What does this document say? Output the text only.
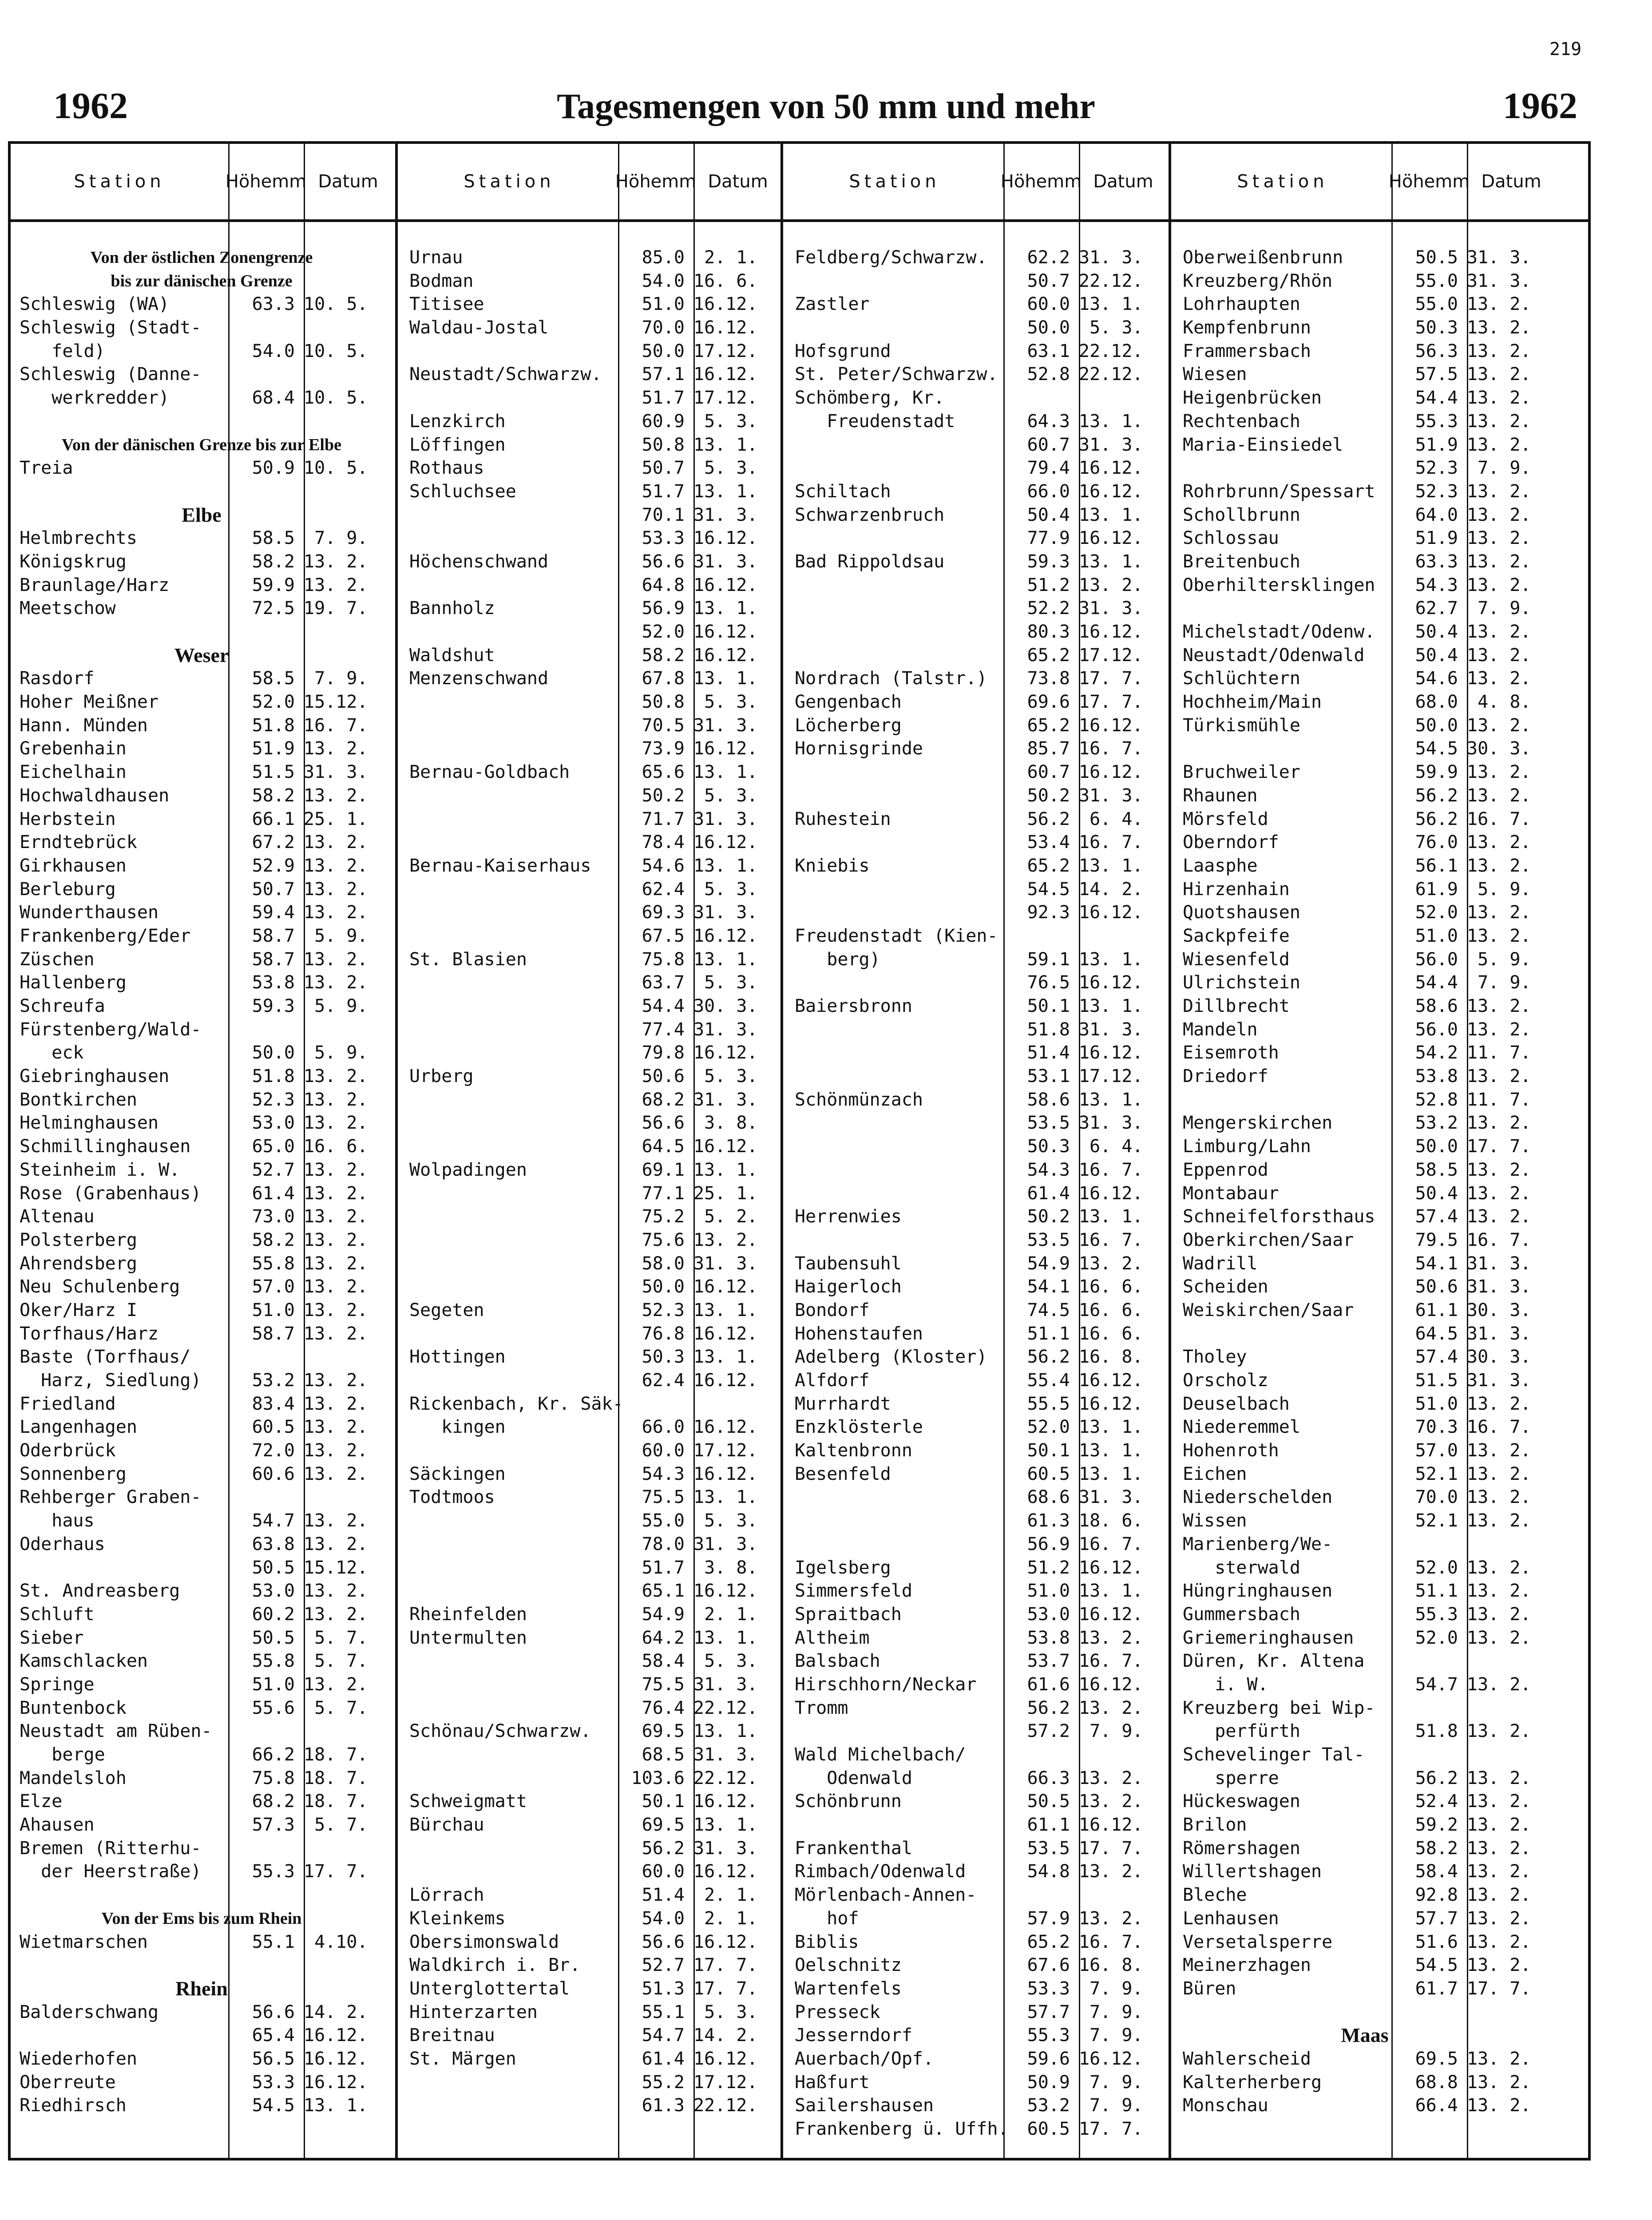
219
1962	Tagesmengen von 50 mm und mehr	1962
Station	Höhe mm Datum
Von der östlichen Zonengrenze
bis zur dänischen Grenze
Schleswig (WA)	63.3 10. 5.
Schleswig (Stadt-
feld)	54.0 10. 5.
Schleswig (Danne-
werkredder)	68.4 10. 5.
Von der dänischen Grenze bis zur Elbe
Treia	50.9 10. 5.
Elbe
Helmbrechts	58.5 7. 9.
Königskrug	58.2 13. 2.
Braunlage/Harz	59.9 13. 2.
Meetschow	72.5 19. 7.
Weser
Rasdorf	58.5 7. 9.
Hoher Meißner	52.0 15.12.
Hann. Münden	51.8 16. 7.
Grebenhain	51.9 13. 2.
Eichelhain	51.5 31. 3.
Hochwaldhausen	58.2 13. 2.
Herbstein	66.1 25. 1.
Erndtebrück	67.2 13. 2.
Girkhausen	52.9 13. 2.
Berleburg	50.7 13. 2.
Wunderthausen	59.4 13. 2.
Frankenberg/Eder	58.7 5. 9.
Züschen	58.7 13. 2.
Hallenberg	53.8 13. 2.
Schreufa	59.3 5. 9.
Fürstenberg/Wald-
eck	50.0 5. 9.
Giebringhausen	51.8 13. 2.
Bontkirchen	52.3 13. 2.
Helminghausen	53.0 13. 2.
Schmillinghausen	65.0 16. 6.
Steinheim i. W.	52.7 13. 2.
Rose (Grabenhaus)	61.4 13. 2.
Altenau	73.0 13. 2.
Polsterberg	58.2 13. 2.
Ahrendsberg	55.8 13. 2.
Neu Schulenberg	57.0 13. 2.
Oker/Harz I	51.0 13. 2.
Torfhaus/Harz	58.7 13. 2.
Baste (Torfhaus/
Harz, Siedlung)	53.2 13. 2.
Friedland	83.4 13. 2.
Langenhagen	60.5 13. 2.
Oderbrück	72.0 13. 2.
Sonnenberg	60.6 13. 2.
Rehberger Graben-
haus	54.7 13. 2.
Oderhaus	63.8 13. 2.
50.5 15.12.
St. Andreasberg	53.0 13. 2.
Schluft	60.2 13. 2.
Sieber	50.5 5. 7.
Kamschlacken	55.8 5. 7.
Springe	51.0 13. 2.
Buntenbock	55.6 5. 7.
Neustadt am Rüben-
berge	66.2 18. 7.
Mandelsloh	75.8 18. 7.
Elze	68.2 18. 7.
Ahausen	57.3 5. 7.
Bremen (Ritterhu-
der Heerstraße)	55.3 17. 7.
Von der Ems bis zum Rhein
Wietmarschen	55.1 4.10.
Rhein
Balderschwang	56.6 14. 2.
65.4 16.12.
Wiederhofen	56.5 16.12.
Oberreute	53.3 16.12.
Riedhirsch	54.5 13. 1.
Station	Höhe mm Datum
Urnau	85.0 2. 1.
Bodman	54.0 16. 6.
Titisee	51.0 16.12.
Waldau-Jostal	70.0 16.12.
50.0 17.12.
Neustadt/Schwarzw.	57.1 16.12.
51.7 17.12.
Lenzkirch	60.9 5. 3.
Löffingen	50.8 13. 1.
Rothaus	50.7 5. 3.
Schluchsee	51.7 13. 1.
70.1 31. 3.
53.3 16.12.
Höchenschwand	56.6 31. 3.
64.8 16.12.
Bannholz	56.9 13. 1.
52.0 16.12.
Waldshut	58.2 16.12.
Menzenschwand	67.8 13. 1.
50.8 5. 3.
70.5 31. 3.
73.9 16.12.
Bernau-Goldbach	65.6 13. 1.
50.2 5. 3.
71.7 31. 3.
78.4 16.12.
Bernau-Kaiserhaus	54.6 13. 1.
62.4 5. 3.
69.3 31. 3.
67.5 16.12.
St. Blasien	75.8 13. 1.
63.7 5. 3.
54.4 30. 3.
77.4 31. 3.
79.8 16.12.
Urberg	50.6 5. 3.
68.2 31. 3.
56.6 3. 8.
64.5 16.12.
Wolpadingen	69.1 13. 1.
77.1 25. 1.
75.2 5. 2.
75.6 13. 2.
58.0 31. 3.
50.0 16.12.
Segeten	52.3 13. 1.
76.8 16.12.
Hottingen	50.3 13. 1.
62.4 16.12.
Rickenbach, Kr. Säk-
kingen	66.0 16.12.
60.0 17.12.
Säckingen	54.3 16.12.
Todtmoos	75.5 13. 1.
55.0 5. 3.
78.0 31. 3.
51.7 3. 8.
65.1 16.12.
Rheinfelden	54.9 2. 1.
Untermulten	64.2 13. 1.
58.4 5. 3.
75.5 31. 3.
76.4 22.12.
Schönau/Schwarzw.	69.5 13. 1.
68.5 31. 3.
103.6 22.12.
Schweigmatt	50.1 16.12.
Bürchau	69.5 13. 1.
56.2 31. 3.
60.0 16.12.
Lörrach	51.4 2. 1.
Kleinkems	54.0 2. 1.
Obersimonswald	56.6 16.12.
Waldkirch i. Br.	52.7 17. 7.
Unterglottertal	51.3 17. 7.
Hinterzarten	55.1 5. 3.
Breitnau	54.7 14. 2.
St. Märgen	61.4 16.12.
55.2 17.12.
61.3 22.12.
Station	Höhe mm Datum
Feldberg/Schwarzw.	62.2 31. 3.
50.7 22.12.
Zastler	60.0 13. 1.
50.0 5. 3.
Hofsgrund	63.1 22.12.
St. Peter/Schwarzw.	52.8 22.12.
Schömberg, Kr.
Freudenstadt	64.3 13. 1.
60.7 31. 3.
79.4 16.12.
Schiltach	66.0 16.12.
Schwarzenbruch	50.4 13. 1.
77.9 16.12.
Bad Rippoldsau	59.3 13. 1.
51.2 13. 2.
52.2 31. 3.
80.3 16.12.
65.2 17.12.
Nordrach (Talstr.)	73.8 17. 7.
Gengenbach	69.6 17. 7.
Löcherberg	65.2 16.12.
Hornisgrinde	85.7 16. 7.
60.7 16.12.
50.2 31. 3.
Ruhestein	56.2 6. 4.
53.4 16. 7.
Kniebis	65.2 13. 1.
54.5 14. 2.
92.3 16.12.
Freudenstadt (Kien-
berg)	59.1 13. 1.
76.5 16.12.
Baiersbronn	50.1 13. 1.
51.8 31. 3.
51.4 16.12.
53.1 17.12.
Schönmünzach	58.6 13. 1.
53.5 31. 3.
50.3 6. 4.
54.3 16. 7.
61.4 16.12.
Herrenwies	50.2 13. 1.
53.5 16. 7.
Taubensuhl	54.9 13. 2.
Haigerloch	54.1 16. 6.
Bondorf	74.5 16. 6.
Hohenstaufen	51.1 16. 6.
Adelberg (Kloster)	56.2 16. 8.
Alfdorf	55.4 16.12.
Murrhardt	55.5 16.12.
Enzklösterle	52.0 13. 1.
Kaltenbronn	50.1 13. 1.
Besenfeld	60.5 13. 1.
68.6 31. 3.
61.3 18. 6.
56.9 16. 7.
Igelsberg	51.2 16.12.
Simmersfeld	51.0 13. 1.
Spraitbach	53.0 16.12.
Altheim	53.8 13. 2.
Balsbach	53.7 16. 7.
Hirschhorn/Neckar	61.6 16.12.
Tromm	56.2 13. 2.
57.2 7. 9.
Wald Michelbach/
Odenwald	66.3 13. 2.
Schönbrunn	50.5 13. 2.
61.1 16.12.
Frankenthal	53.5 17. 7.
Rimbach/Odenwald	54.8 13. 2.
Mörlenbach-Annen-
hof	57.9 13. 2.
Biblis	65.2 16. 7.
Oelschnitz	67.6 16. 8.
Wartenfels	53.3 7. 9.
Presseck	57.7 7. 9.
Jesserndorf	55.3 7. 9.
Auerbach/Opf.	59.6 16.12.
Haßfurt	50.9 7. 9.
Sailershausen	53.2 7. 9.
Frankenberg ü. Uffh.	60.5 17. 7.
Station	Höhe mm Datum
Oberweißenbrunn	50.5 31. 3.
Kreuzberg/Rhön	55.0 31. 3.
Lohrhaupten	55.0 13. 2.
Kempfenbrunn	50.3 13. 2.
Frammersbach	56.3 13. 2.
Wiesen	57.5 13. 2.
Heigenbrücken	54.4 13. 2.
Rechtenbach	55.3 13. 2.
Maria-Einsiedel	51.9 13. 2.
52.3 7. 9.
Rohrbrunn/Spessart	52.3 13. 2.
Schollbrunn	64.0 13. 2.
Schlossau	51.9 13. 2.
Breitenbuch	63.3 13. 2.
Oberhiltersklingen	54.3 13. 2.
62.7 7. 9.
Michelstadt/Odenw.	50.4 13. 2.
Neustadt/Odenwald	50.4 13. 2.
Schlüchtern	54.6 13. 2.
Hochheim/Main	68.0 4. 8.
Türkismühle	50.0 13. 2.
54.5 30. 3.
Bruchweiler	59.9 13. 2.
Rhaunen	56.2 13. 2.
Mörsfeld	56.2 16. 7.
Oberndorf	76.0 13. 2.
Laasphe	56.1 13. 2.
Hirzenhain	61.9 5. 9.
Quotshausen	52.0 13. 2.
Sackpfeife	51.0 13. 2.
Wiesenfeld	56.0 5. 9.
Ulrichstein	54.4 7. 9.
Dillbrecht	58.6 13. 2.
Mandeln	56.0 13. 2.
Eisemroth	54.2 11. 7.
Driedorf	53.8 13. 2.
52.8 11. 7.
Mengerskirchen	53.2 13. 2.
Limburg/Lahn	50.0 17. 7.
Eppenrod	58.5 13. 2.
Montabaur	50.4 13. 2.
Schneifelforsthaus	57.4 13. 2.
Oberkirchen/Saar	79.5 16. 7.
Wadrill	54.1 31. 3.
Scheiden	50.6 31. 3.
Weiskirchen/Saar	61.1 30. 3.
64.5 31. 3.
Tholey	57.4 30. 3.
Orscholz	51.5 31. 3.
Deuselbach	51.0 13. 2.
Niederemmel	70.3 16. 7.
Hohenroth	57.0 13. 2.
Eichen	52.1 13. 2.
Niederschelden	70.0 13. 2.
Wissen	52.1 13. 2.
Marienberg/We-
sterwald	52.0 13. 2.
Hüngringhausen	51.1 13. 2.
Gummersbach	55.3 13. 2.
Griemeringhausen	52.0 13. 2.
Düren, Kr. Altena
i. W.	54.7 13. 2.
Kreuzberg bei Wip-
perfürth	51.8 13. 2.
Schevelinger Tal-
sperre	56.2 13. 2.
Hückeswagen	52.4 13. 2.
Brilon	59.2 13. 2.
Römershagen	58.2 13. 2.
Willertshagen	58.4 13. 2.
Bleche	92.8 13. 2.
Lenhausen	57.7 13. 2.
Versetalsperre	51.6 13. 2.
Meinerzhagen	54.5 13. 2.
Büren	61.7 17. 7.
Maas
Wahlerscheid	69.5 13. 2.
Kalterherberg	68.8 13. 2.
Monschau	66.4 13. 2.
